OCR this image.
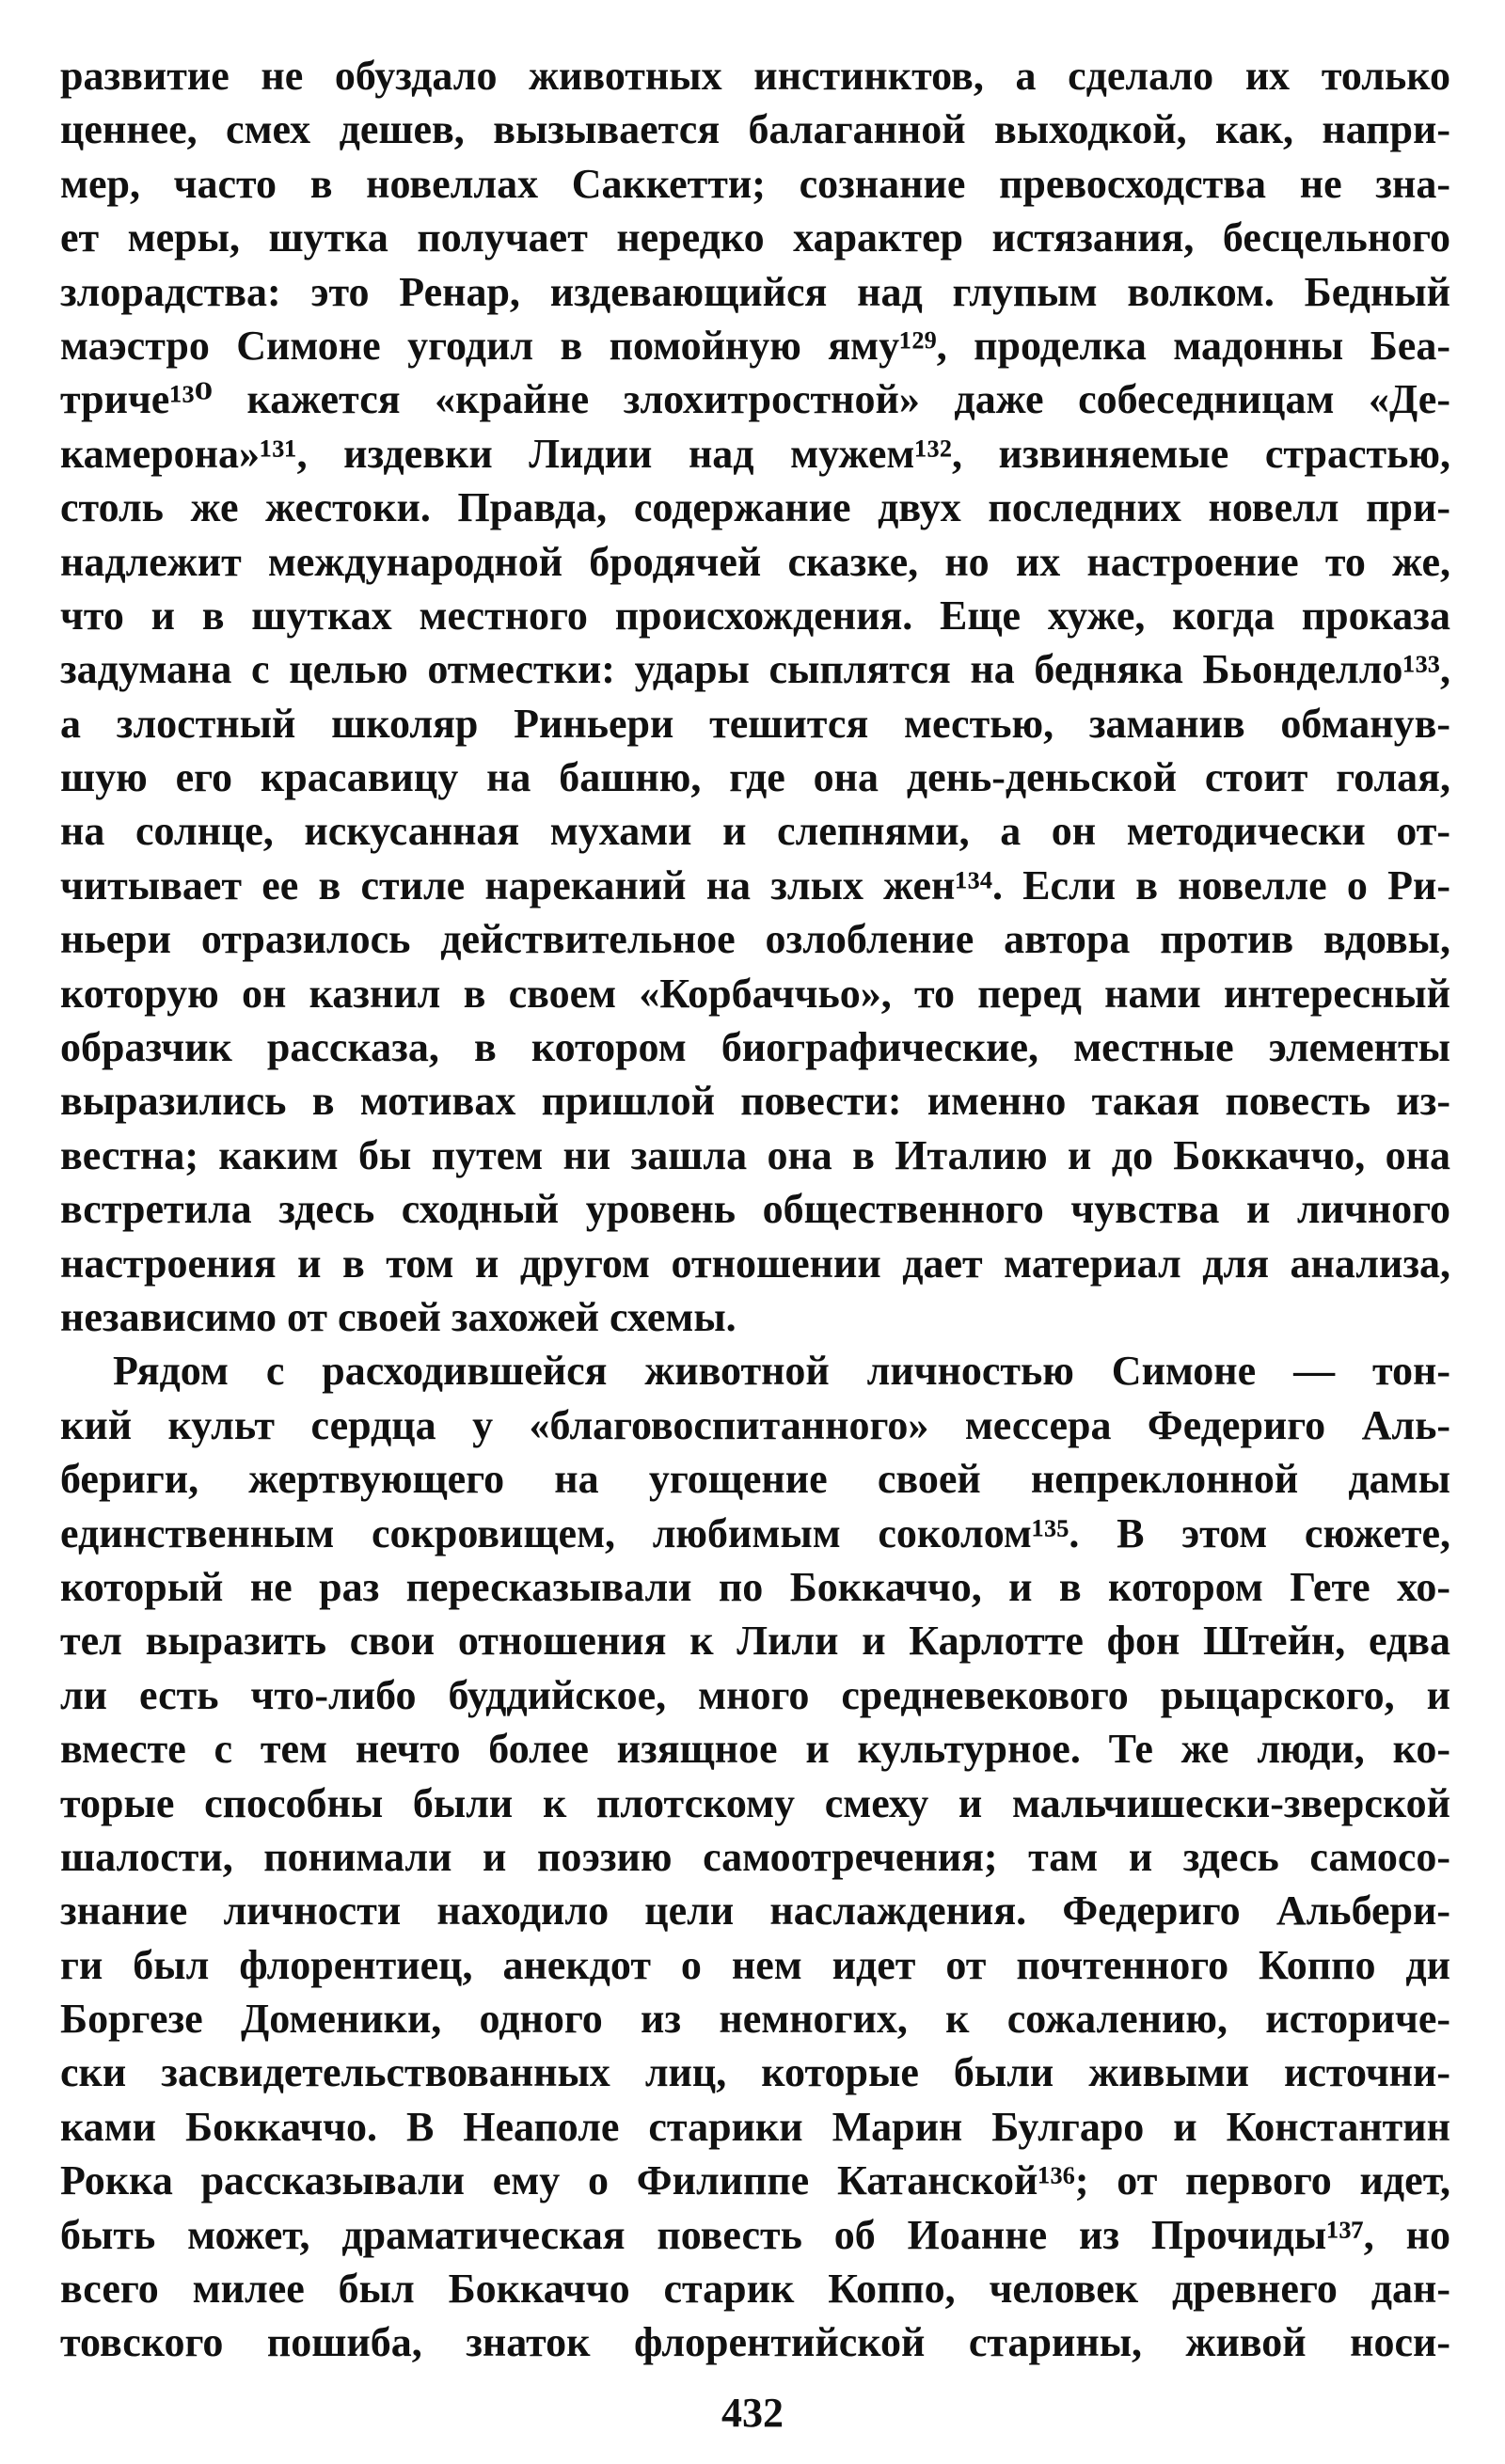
развитие не обуздало животных инстинктов, а сделало их только
ценнее, смех дешев, вызывается балаганной выходкой, как, напри-
мер, часто в новеллах Саккетти; сознание превосходства не зна-
ет меры, шутка получает нередко характер истязания, бесцельного
злорадства: это Ренар, издевающийся над глупым волком. Бедный
маэстро Симоне угодил в помойную яму¹²⁹, проделка мадонны Беа-
триче¹³⁰ кажется «крайне злохитростной» даже собеседницам «Де-
камерона»¹³¹, издевки Лидии над мужем¹³², извиняемые страстью,
столь же жестоки. Правда, содержание двух последних новелл при-
надлежит международной бродячей сказке, но их настроение то же,
что и в шутках местного происхождения. Еще хуже, когда проказа
задумана с целью отместки: удары сыплятся на бедняка Бьонделло¹³³,
а злостный школяр Риньери тешится местью, заманив обманув-
шую его красавицу на башню, где она день-деньской стоит голая,
на солнце, искусанная мухами и слепнями, а он методически от-
читывает ее в стиле нареканий на злых жен¹³⁴. Если в новелле о Ри-
ньери отразилось действительное озлобление автора против вдовы,
которую он казнил в своем «Корбаччьо», то перед нами интересный
образчик рассказа, в котором биографические, местные элементы
выразились в мотивах пришлой повести: именно такая повесть из-
вестна; каким бы путем ни зашла она в Италию и до Боккаччо, она
встретила здесь сходный уровень общественного чувства и личного
настроения и в том и другом отношении дает материал для анализа,
независимо от своей захожей схемы.
Рядом с расходившейся животной личностью Симоне — тон-
кий культ сердца у «благовоспитанного» мессера Федериго Аль-
бериги, жертвующего на угощение своей непреклонной дамы
единственным сокровищем, любимым соколом¹³⁵. В этом сюжете,
который не раз пересказывали по Боккаччо, и в котором Гете хо-
тел выразить свои отношения к Лили и Карлотте фон Штейн, едва
ли есть что-либо буддийское, много средневекового рыцарского, и
вместе с тем нечто более изящное и культурное. Те же люди, ко-
торые способны были к плотскому смеху и мальчишески-зверской
шалости, понимали и поэзию самоотречения; там и здесь самосо-
знание личности находило цели наслаждения. Федериго Альбери-
ги был флорентиец, анекдот о нем идет от почтенного Коппо ди
Боргезе Доменики, одного из немногих, к сожалению, историче-
ски засвидетельствованных лиц, которые были живыми источни-
ками Боккаччо. В Неаполе старики Марин Булгаро и Константин
Рокка рассказывали ему о Филиппе Катанской¹³⁶; от первого идет,
быть может, драматическая повесть об Иоанне из Прочиды¹³⁷, но
всего милее был Боккаччо старик Коппо, человек древнего дан-
товского пошиба, знаток флорентийской старины, живой носи-
432
